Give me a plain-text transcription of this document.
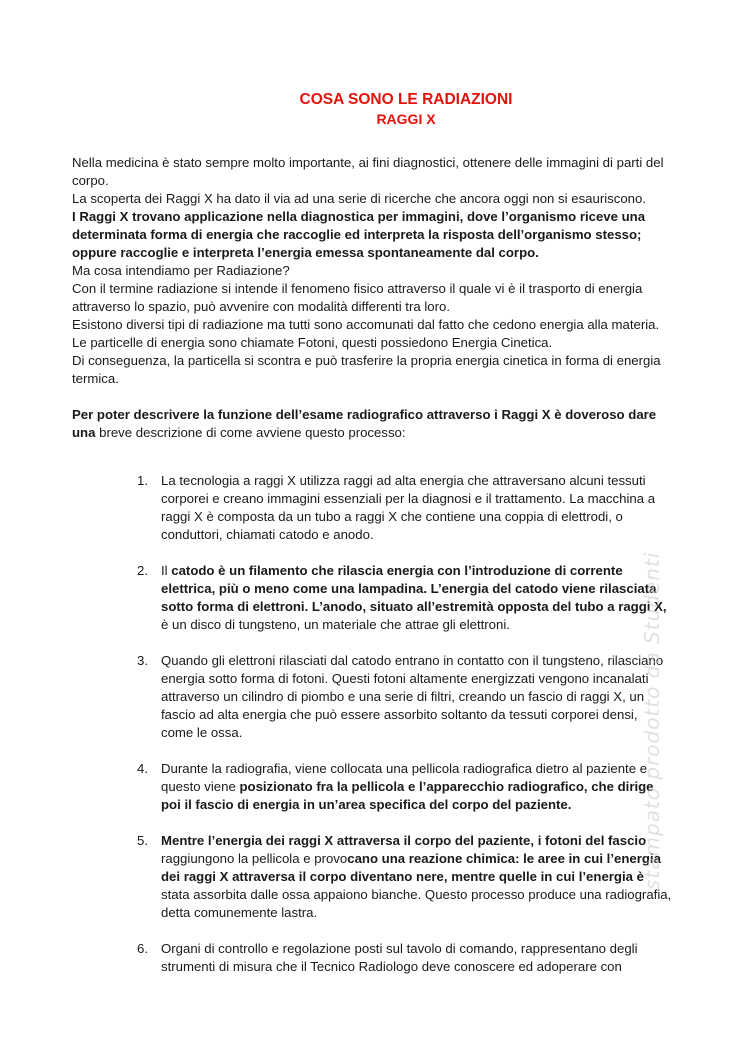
COSA SONO LE RADIAZIONI
RAGGI X

Nella medicina è stato sempre molto importante, ai fini diagnostici, ottenere delle immagini di parti del corpo.

La scoperta dei Raggi X ha dato il via ad una serie di ricerche che ancora oggi non si esauriscono.

I Raggi X trovano applicazione nella diagnostica per immagini, dove l’organismo riceve una determinata forma di energia che raccoglie ed interpreta la risposta dell’organismo stesso; oppure raccoglie e interpreta l’energia emessa spontaneamente dal corpo.

Ma cosa intendiamo per Radiazione?

Con il termine radiazione si intende il fenomeno fisico attraverso il quale vi è il trasporto di energia attraverso lo spazio, può avvenire con modalità differenti tra loro.

Esistono diversi tipi di radiazione ma tutti sono accomunati dal fatto che cedono energia alla materia. Le particelle di energia sono chiamate Fotoni, questi possiedono Energia Cinetica.

Di conseguenza, la particella si scontra e può trasferire la propria energia cinetica in forma di energia termica.

Per poter descrivere la funzione dell’esame radiografico attraverso i Raggi X è doveroso dare una breve descrizione di come avviene questo processo:

1. La tecnologia a raggi X utilizza raggi ad alta energia che attraversano alcuni tessuti corporei e creano immagini essenziali per la diagnosi e il trattamento. La macchina a raggi X è composta da un tubo a raggi X che contiene una coppia di elettrodi, o conduttori, chiamati catodo e anodo.
2. Il catodo è un filamento che rilascia energia con l’introduzione di corrente elettrica, più o meno come una lampadina. L’energia del catodo viene rilasciata sotto forma di elettroni. L’anodo, situato all’estremità opposta del tubo a raggi X, è un disco di tungsteno, un materiale che attrae gli elettroni.
3. Quando gli elettroni rilasciati dal catodo entrano in contatto con il tungsteno, rilasciano energia sotto forma di fotoni. Questi fotoni altamente energizzati vengono incanalati attraverso un cilindro di piombo e una serie di filtri, creando un fascio di raggi X, un fascio ad alta energia che può essere assorbito soltanto da tessuti corporei densi, come le ossa.
4. Durante la radiografia, viene collocata una pellicola radiografica dietro al paziente e questo viene posizionato fra la pellicola e l’apparecchio radiografico, che dirige poi il fascio di energia in un’area specifica del corpo del paziente.
5. Mentre l’energia dei raggi X attraversa il corpo del paziente, i fotoni del fascio raggiungono la pellicola e provocano una reazione chimica: le aree in cui l’energia dei raggi X attraversa il corpo diventano nere, mentre quelle in cui l’energia è stata assorbita dalle ossa appaiono bianche. Questo processo produce una radiografia, detta comunemente lastra.
6. Organi di controllo e regolazione posti sul tavolo di comando, rappresentano degli strumenti di misura che il Tecnico Radiologo deve conoscere ed adoperare con
stampato prodotto da Studenti
